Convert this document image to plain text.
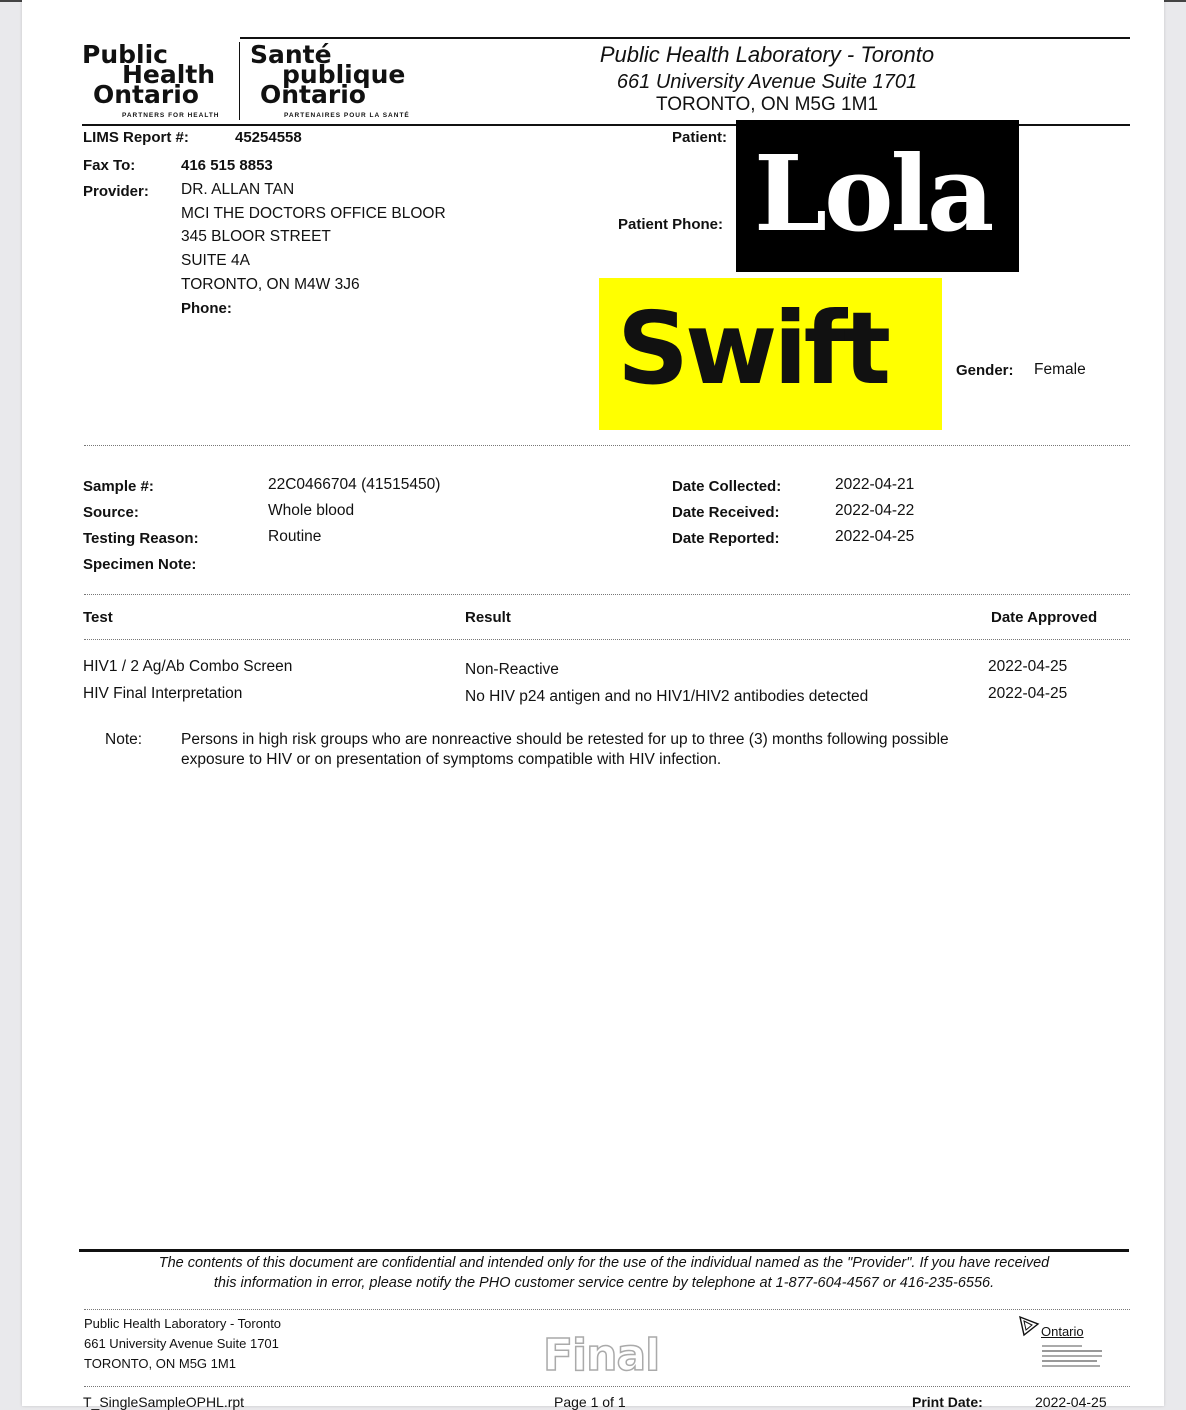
Public
Health
Ontario
PARTNERS FOR HEALTH
Santé
publique
Ontario
PARTENAIRES POUR LA SANTÉ
Public Health Laboratory - Toronto
661 University Avenue Suite 1701
TORONTO, ON M5G 1M1
LIMS Report #:	45254558
Fax To:	416 515 8853
Provider: DR. ALLAN TAN
MCI THE DOCTORS OFFICE BLOOR
345 BLOOR STREET
SUITE 4A
TORONTO, ON M4W 3J6
Phone:
Patient:
Patient Phone:
Gender: Female
Sample #:	22C0466704 (41515450)
Source:	Whole blood
Testing Reason:	Routine
Specimen Note:
Date Collected:	2022-04-21
Date Received:	2022-04-22
Date Reported:	2022-04-25
Test	Result	Date Approved
HIV1 / 2 Ag/Ab Combo Screen	Non-Reactive	2022-04-25
HIV Final Interpretation	No HIV p24 antigen and no HIV1/HIV2 antibodies detected	2022-04-25
Note:	Persons in high risk groups who are nonreactive should be retested for up to three (3) months following possible
exposure to HIV or on presentation of symptoms compatible with HIV infection.
The contents of this document are confidential and intended only for the use of the individual named as the "Provider". If you have received
this information in error, please notify the PHO customer service centre by telephone at 1-877-604-4567 or 416-235-6556.
Public Health Laboratory - Toronto
661 University Avenue Suite 1701
TORONTO, ON M5G 1M1	Final	Ontario
T_SingleSampleOPHL.rpt	Page 1 of 1	Print Date:	2022-04-25
Lola
Swift
